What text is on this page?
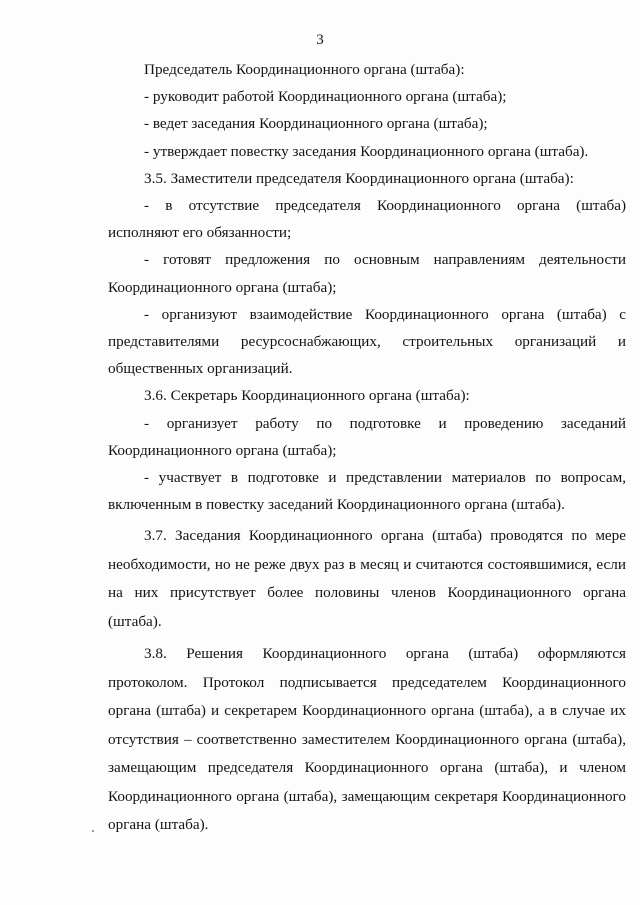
3

Председатель Координационного органа (штаба):

- руководит работой Координационного органа (штаба);

- ведет заседания Координационного органа (штаба);

- утверждает повестку заседания Координационного органа (штаба).

3.5. Заместители председателя Координационного органа (штаба):

- в отсутствие председателя Координационного органа (штаба) исполняют его обязанности;

- готовят предложения по основным направлениям деятельности Координационного органа (штаба);

- организуют взаимодействие Координационного органа (штаба) с представителями ресурсоснабжающих, строительных организаций и общественных организаций.

3.6. Секретарь Координационного органа (штаба):

- организует работу по подготовке и проведению заседаний Координационного органа (штаба);

- участвует в подготовке и представлении материалов по вопросам, включенным в повестку заседаний Координационного органа (штаба).

3.7. Заседания Координационного органа (штаба) проводятся по мере необходимости, но не реже двух раз в месяц и считаются состоявшимися, если на них присутствует более половины членов Координационного органа (штаба).

3.8. Решения Координационного органа (штаба) оформляются протоколом. Протокол подписывается председателем Координационного органа (штаба) и секретарем Координационного органа (штаба), а в случае их отсутствия – соответственно заместителем Координационного органа (штаба), замещающим председателя Координационного органа (штаба), и членом Координационного органа (штаба), замещающим секретаря Координационного органа (штаба).
